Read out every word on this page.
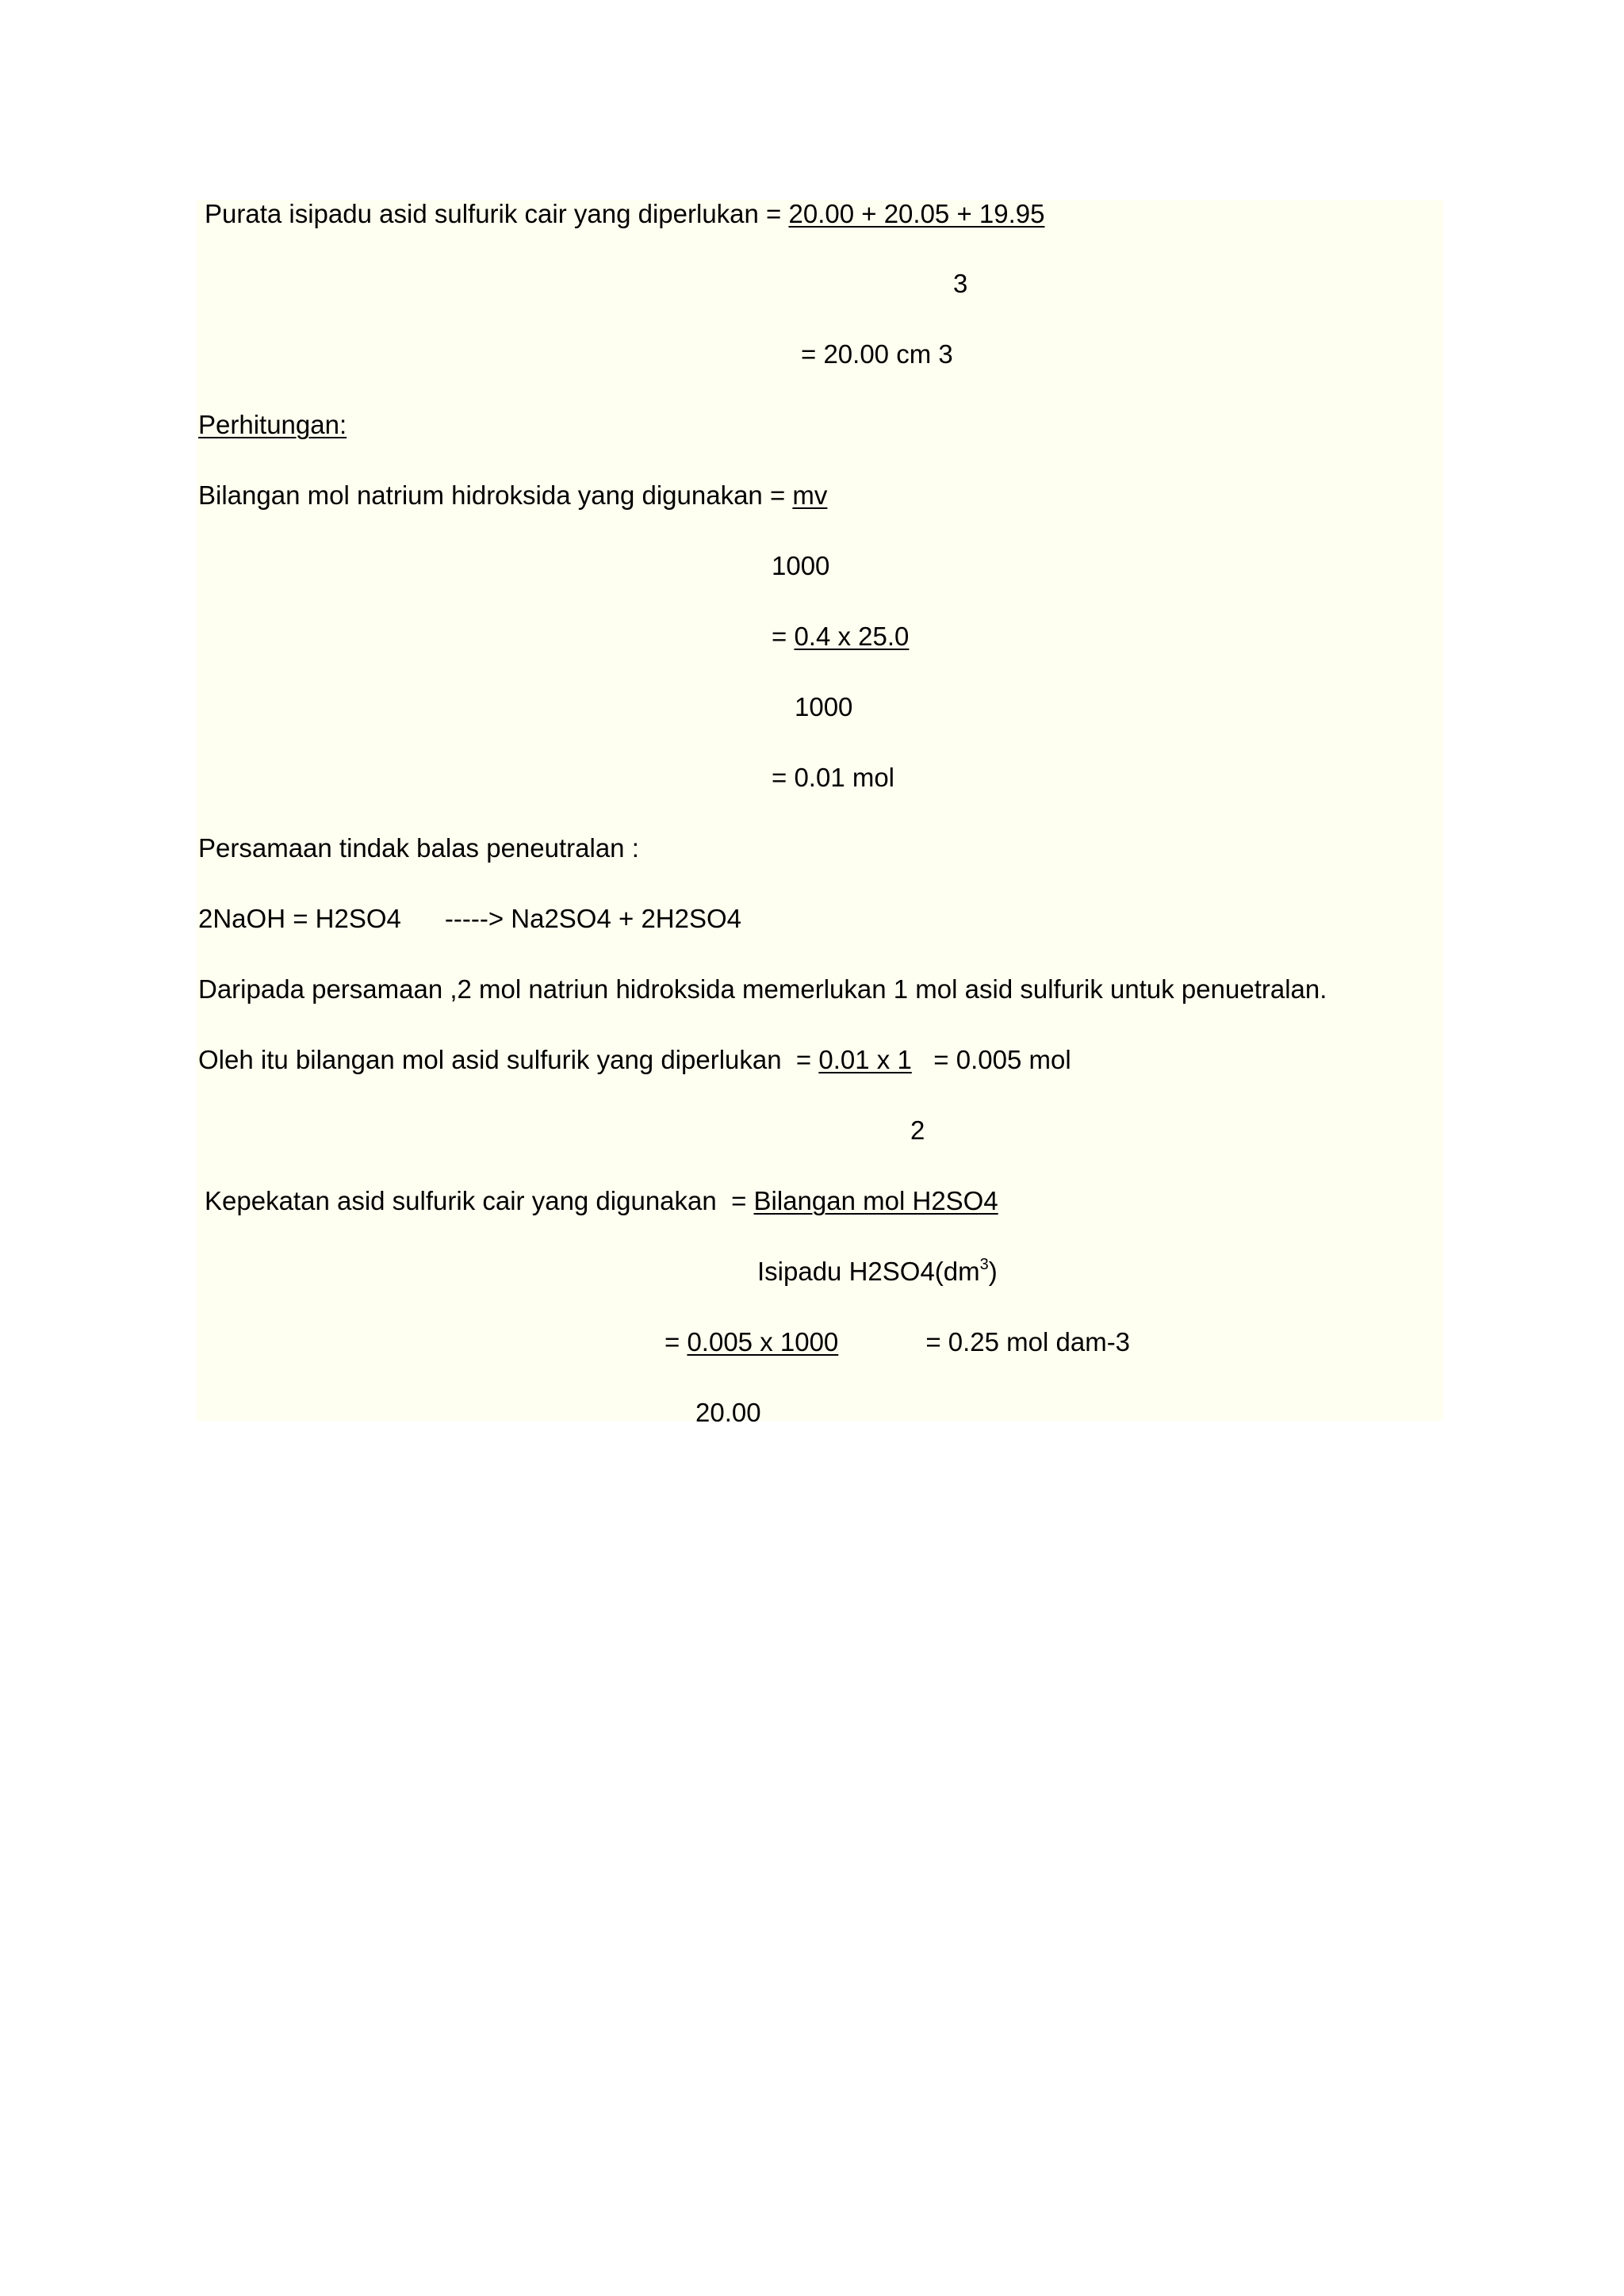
Purata isipadu asid sulfurik cair yang diperlukan = 20.00 + 20.05 + 19.95
3
= 20.00 cm 3
Perhitungan:
Bilangan mol natrium hidroksida yang digunakan = mv
1000
= 0.4 x 25.0
1000
= 0.01 mol
Persamaan tindak balas peneutralan :
2NaOH = H2SO4      -----> Na2SO4 + 2H2SO4
Daripada persamaan ,2 mol natriun hidroksida memerlukan 1 mol asid sulfurik untuk penuetralan.
Oleh itu bilangan mol asid sulfurik yang diperlukan  = 0.01 x 1   = 0.005 mol
2
Kepekatan asid sulfurik cair yang digunakan  = Bilangan mol H2SO4
Isipadu $H2SO4(dm^3)$
= 0.005 x 1000            = 0.25 mol dam-3
20.00
